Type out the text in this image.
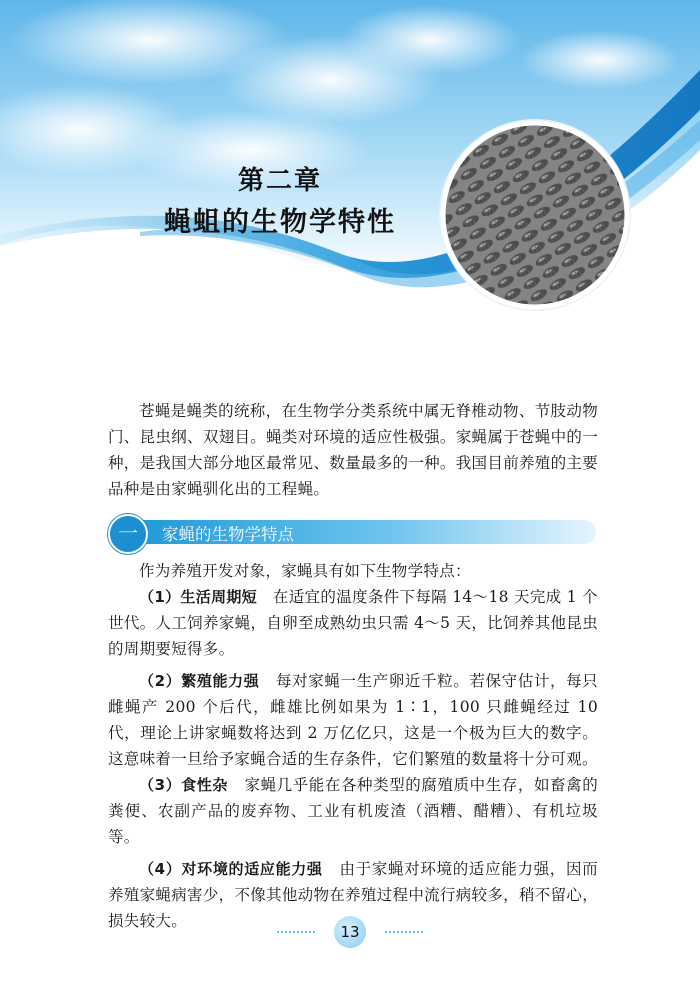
第二章
蝇蛆的生物学特性

苍蝇是蝇类的统称，在生物学分类系统中属无脊椎动物、节肢动物门、昆虫纲、双翅目。蝇类对环境的适应性极强。家蝇属于苍蝇中的一种，是我国大部分地区最常见、数量最多的一种。我国目前养殖的主要品种是由家蝇驯化出的工程蝇。

一	家蝇的生物学特点

作为养殖开发对象，家蝇具有如下生物学特点：

（1）生活周期短 在适宜的温度条件下每隔 14～18 天完成 1 个世代。人工饲养家蝇，自卵至成熟幼虫只需 4～5 天，比饲养其他昆虫的周期要短得多。

（2）繁殖能力强 每对家蝇一生产卵近千粒。若保守估计，每只雌蝇产 200 个后代，雌雄比例如果为 1∶1，100 只雌蝇经过 10 代，理论上讲家蝇数将达到 2 万亿亿只，这是一个极为巨大的数字。这意味着一旦给予家蝇合适的生存条件，它们繁殖的数量将十分可观。

（3）食性杂 家蝇几乎能在各种类型的腐殖质中生存，如畜禽的粪便、农副产品的废弃物、工业有机废渣（酒糟、醋糟）、有机垃圾等。

（4）对环境的适应能力强 由于家蝇对环境的适应能力强，因而养殖家蝇病害少，不像其他动物在养殖过程中流行病较多，稍不留心，损失较大。

13
